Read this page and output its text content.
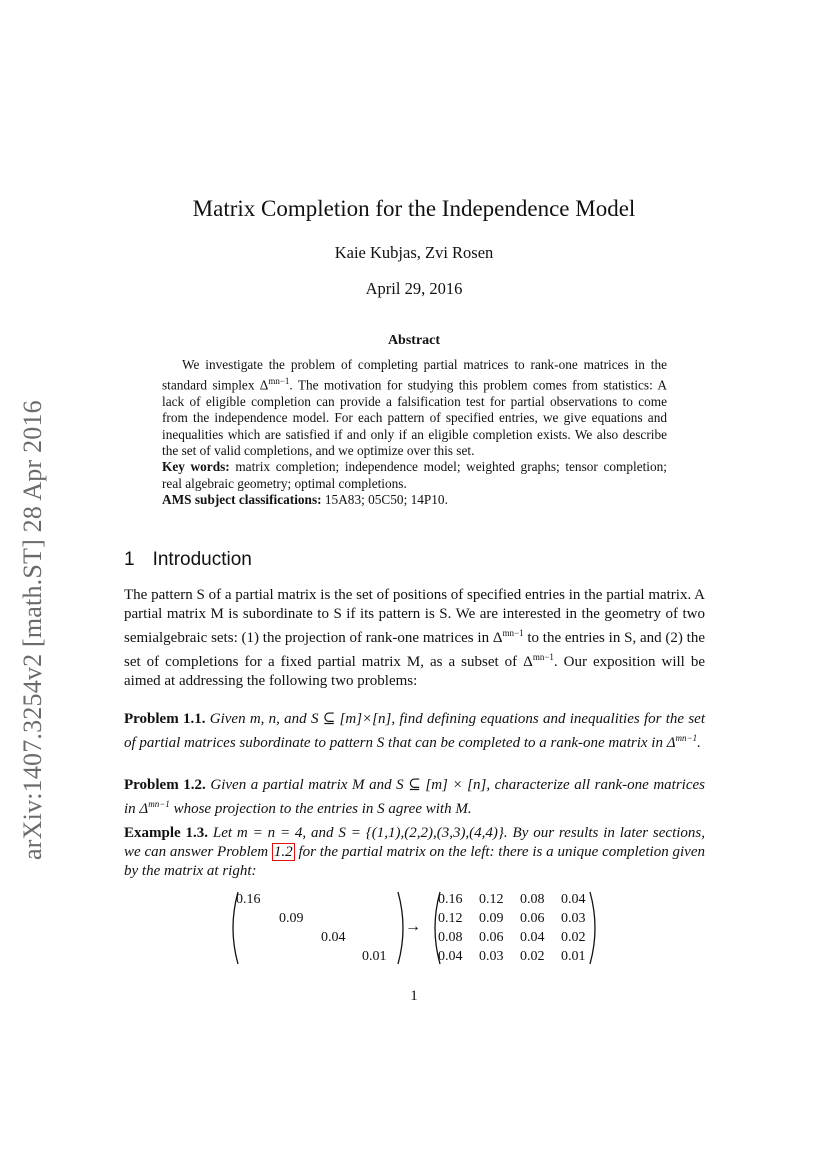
arXiv:1407.3254v2 [math.ST] 28 Apr 2016
Matrix Completion for the Independence Model
Kaie Kubjas, Zvi Rosen
April 29, 2016
Abstract

We investigate the problem of completing partial matrices to rank-one matrices in the standard simplex $\Delta^{mn-1}$. The motivation for studying this problem comes from statistics: A lack of eligible completion can provide a falsification test for partial observations to come from the independence model. For each pattern of specified entries, we give equations and inequalities which are satisfied if and only if an eligible completion exists. We also describe the set of valid completions, and we optimize over this set.

Key words: matrix completion; independence model; weighted graphs; tensor completion; real algebraic geometry; optimal completions.

AMS subject classifications: 15A83; 05C50; 14P10.

1 Introduction

The pattern S of a partial matrix is the set of positions of specified entries in the partial matrix. A partial matrix M is subordinate to S if its pattern is S. We are interested in the geometry of two semialgebraic sets: (1) the projection of rank-one matrices in $\Delta^{mn-1}$ to the entries in S, and (2) the set of completions for a fixed partial matrix M, as a subset of $\Delta^{mn-1}$. Our exposition will be aimed at addressing the following two problems:

Problem 1.1. Given m, n, and S ⊆ [m]×[n], find defining equations and inequalities for the set of partial matrices subordinate to pattern S that can be completed to a rank-one matrix in $\Delta^{mn-1}$.

Problem 1.2. Given a partial matrix M and S ⊆ [m] × [n], characterize all rank-one matrices in $\Delta^{mn-1}$ whose projection to the entries in S agree with M.

Example 1.3. Let m = n = 4, and S = {(1,1),(2,2),(3,3),(4,4)}. By our results in later sections, we can answer Problem 1.2 for the partial matrix on the left: there is a unique completion given by the matrix at right:

0.16
0.09
0.04
0.01
→
0.16 0.12 0.08 0.04
0.12 0.09 0.06 0.03
0.08 0.06 0.04 0.02
0.04 0.03 0.02 0.01
1
